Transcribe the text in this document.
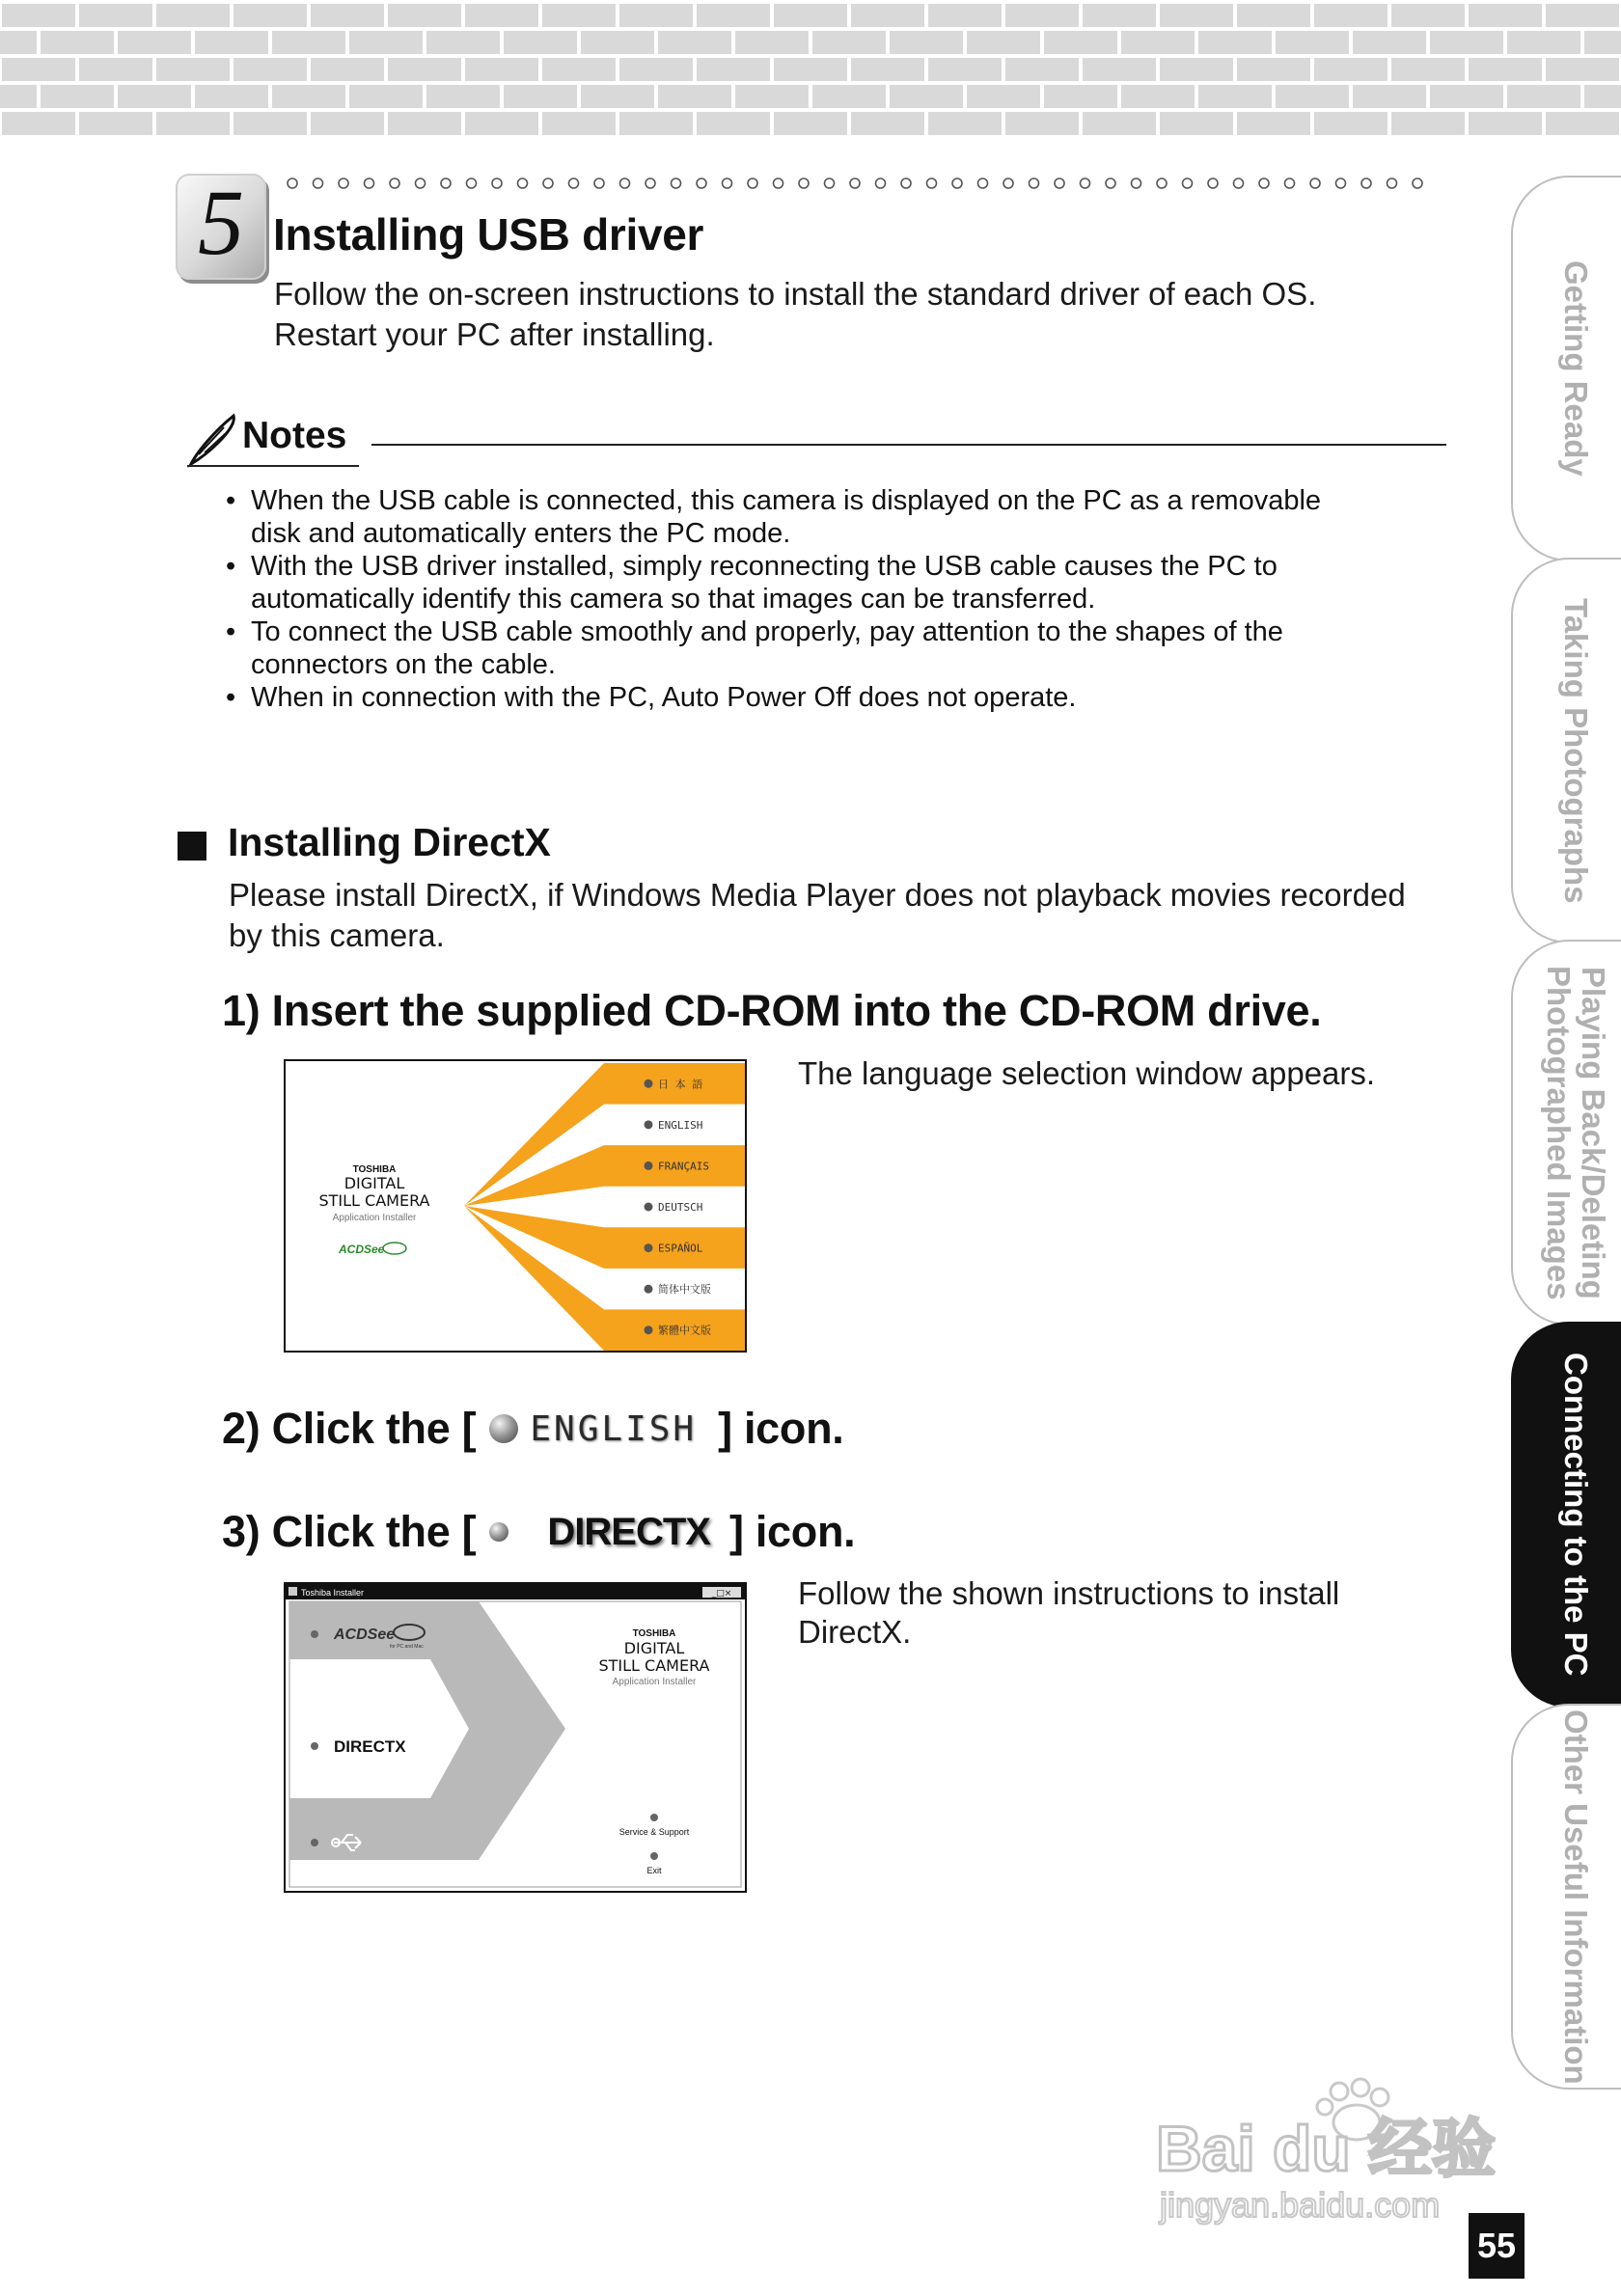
5 Installing USB driver
Follow the on-screen instructions to install the standard driver of each OS.
Restart your PC after installing.
Notes
• When the USB cable is connected, this camera is displayed on the PC as a removable
disk and automatically enters the PC mode.
• With the USB driver installed, simply reconnecting the USB cable causes the PC to
automatically identify this camera so that images can be transferred.
• To connect the USB cable smoothly and properly, pay attention to the shapes of the
connectors on the cable.
• When in connection with the PC, Auto Power Off does not operate.
Installing DirectX
Please install DirectX, if Windows Media Player does not playback movies recorded
by this camera.
1) Insert the supplied CD-ROM into the CD-ROM drive.
TOSHIBA
DIGITAL
STILL CAMERA
Application Installer
ACDSee
日 本 語
ENGLISH
FRANÇAIS
DEUTSCH
ESPAÑOL
简体中文版
繁體中文版
The language selection window appears.
2) Click the [ ENGLISH ] icon.
3) Click the [ DIRECTX ] icon.
Toshiba Installer	_□×
ACDSee
for PC and Mac
DIRECTX
TOSHIBA
DIGITAL
STILL CAMERA
Application Installer
Service & Support
Exit
Follow the shown instructions to install
DirectX.
Getting Ready
Taking Photographs
Playing Back/Deleting Photographed Images
Connecting to the PC
Other Useful Information
Bai du 经验
jingyan.baidu.com
55
